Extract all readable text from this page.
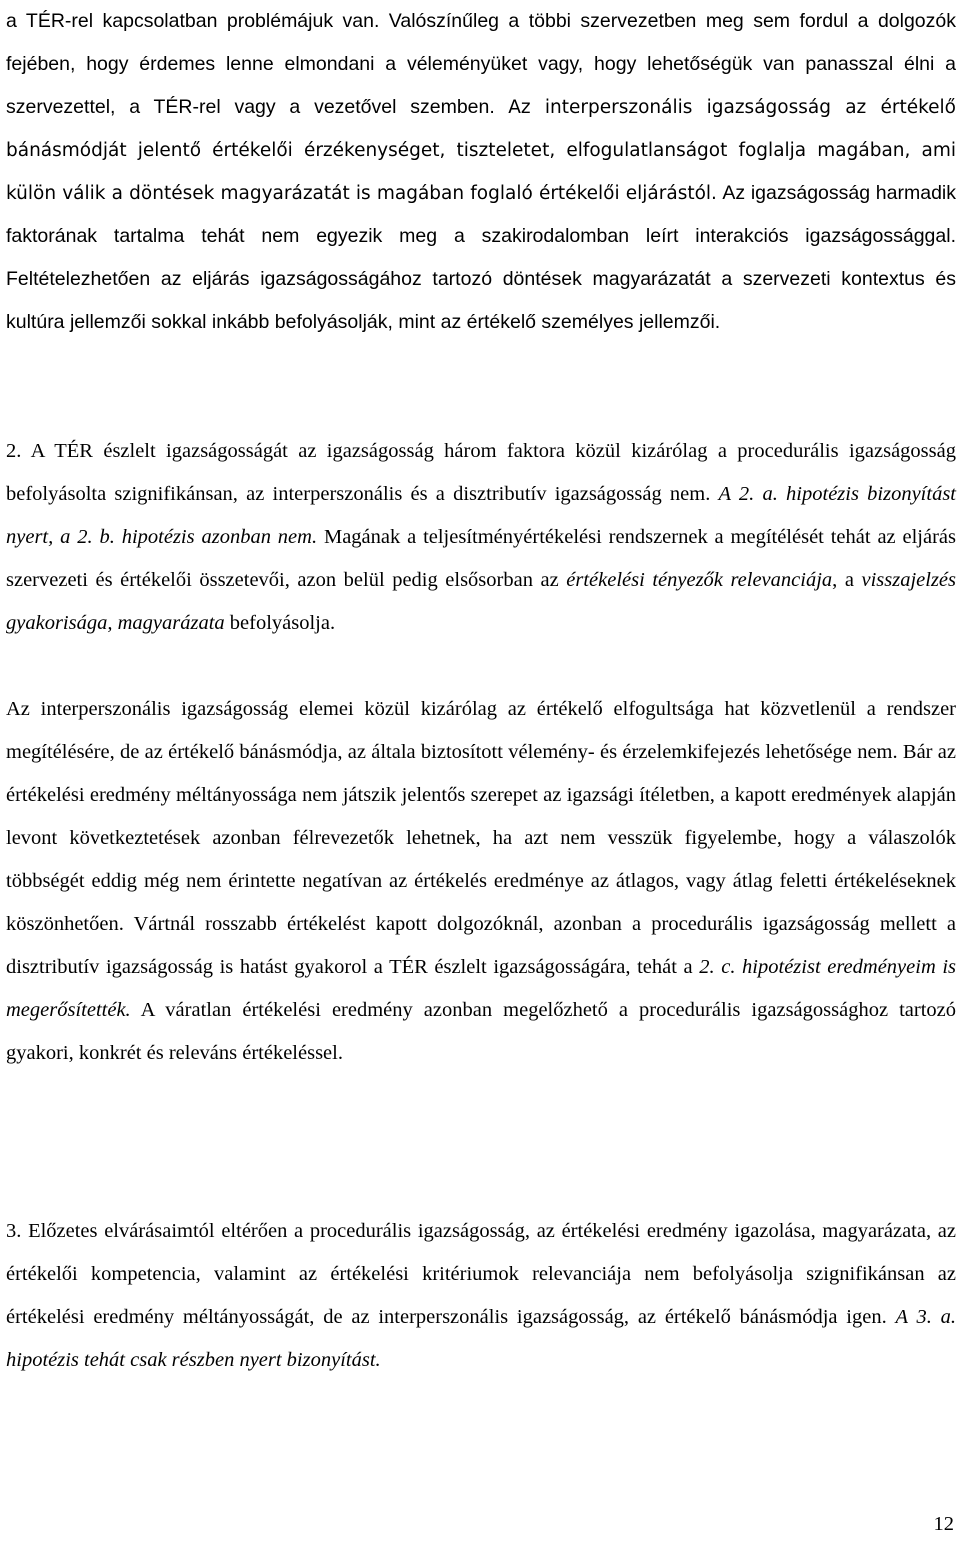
a TÉR-rel kapcsolatban problémájuk van. Valószínűleg a többi szervezetben meg sem fordul a dolgozók fejében, hogy érdemes lenne elmondani a véleményüket vagy, hogy lehetőségük van panasszal élni a szervezettel, a TÉR-rel vagy a vezetővel szemben. Az interperszonális igazságosság az értékelő bánásmódját jelentő értékelői érzékenységet, tiszteletet, elfogulatlanságot foglalja magában, ami külön válik a döntések magyarázatát is magában foglaló értékelői eljárástól. Az igazságosság harmadik faktorának tartalma tehát nem egyezik meg a szakirodalomban leírt interakciós igazságossággal. Feltételezhetően az eljárás igazságosságához tartozó döntések magyarázatát a szervezeti kontextus és kultúra jellemzői sokkal inkább befolyásolják, mint az értékelő személyes jellemzői.

2. A TÉR észlelt igazságosságát az igazságosság három faktora közül kizárólag a procedurális igazságosság befolyásolta szignifikánsan, az interperszonális és a disztributív igazságosság nem. A 2. a. hipotézis bizonyítást nyert, a 2. b. hipotézis azonban nem. Magának a teljesítményértékelési rendszernek a megítélését tehát az eljárás szervezeti és értékelői összetevői, azon belül pedig elsősorban az értékelési tényezők relevanciája, a visszajelzés gyakorisága, magyarázata befolyásolja.

Az interperszonális igazságosság elemei közül kizárólag az értékelő elfogultsága hat közvetlenül a rendszer megítélésére, de az értékelő bánásmódja, az általa biztosított vélemény- és érzelemkifejezés lehetősége nem. Bár az értékelési eredmény méltányossága nem játszik jelentős szerepet az igazsági ítéletben, a kapott eredmények alapján levont következtetések azonban félrevezetők lehetnek, ha azt nem vesszük figyelembe, hogy a válaszolók többségét eddig még nem érintette negatívan az értékelés eredménye az átlagos, vagy átlag feletti értékeléseknek köszönhetően. Vártnál rosszabb értékelést kapott dolgozóknál, azonban a procedurális igazságosság mellett a disztributív igazságosság is hatást gyakorol a TÉR észlelt igazságosságára, tehát a 2. c. hipotézist eredményeim is megerősítették. A váratlan értékelési eredmény azonban megelőzhető a procedurális igazságossághoz tartozó gyakori, konkrét és releváns értékeléssel.

3. Előzetes elvárásaimtól eltérően a procedurális igazságosság, az értékelési eredmény igazolása, magyarázata, az értékelői kompetencia, valamint az értékelési kritériumok relevanciája nem befolyásolja szignifikánsan az értékelési eredmény méltányosságát, de az interperszonális igazságosság, az értékelő bánásmódja igen. A 3. a. hipotézis tehát csak részben nyert bizonyítást.

12
